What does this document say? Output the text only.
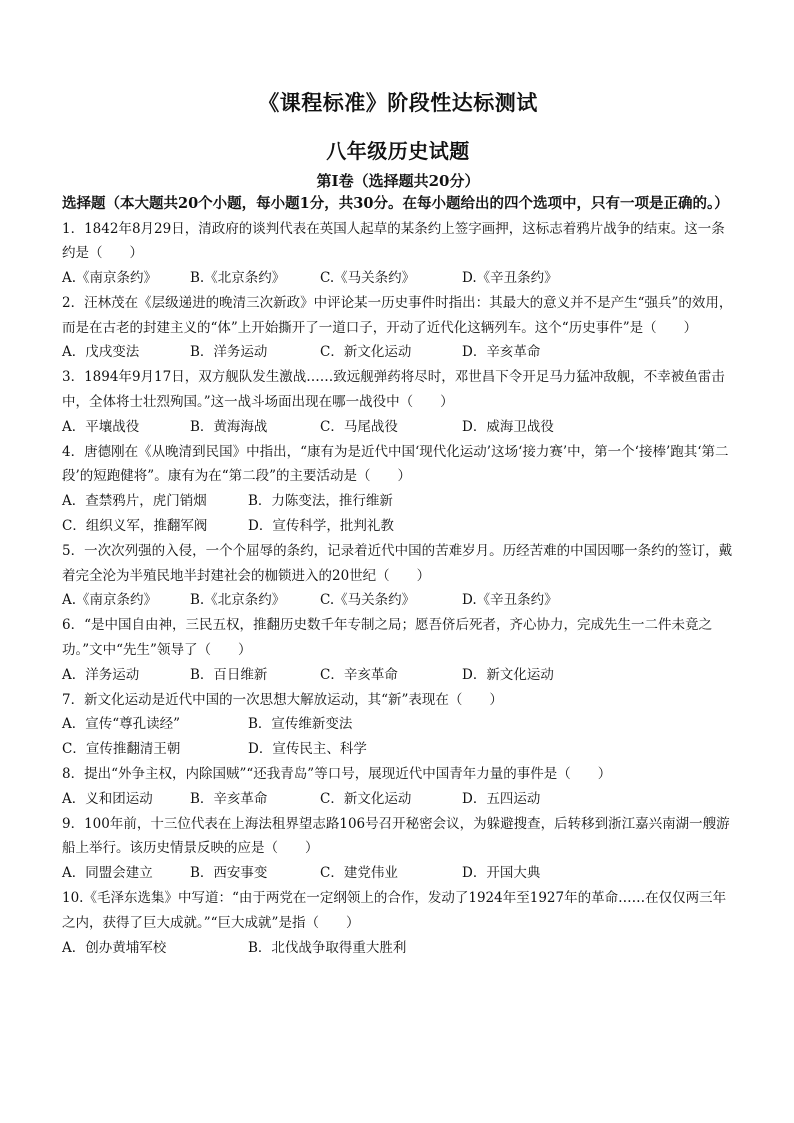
《课程标准》阶段性达标测试
八年级历史试题
第Ⅰ卷（选择题共20分）

选择题（本大题共20个小题，每小题1分，共30分。在每小题给出的四个选项中，只有一项是正确的。）

1．1842年8月29日，清政府的谈判代表在英国人起草的某条约上签字画押，这标志着鸦片战争的结束。这一条约是（　　）

A.《南京条约》	B.《北京条约》	C.《马关条约》	D.《辛丑条约》

2．汪林茂在《层级递进的晚清三次新政》中评论某一历史事件时指出：其最大的意义并不是产生“强兵”的效用，而是在古老的封建主义的“体”上开始撕开了一道口子，开动了近代化这辆列车。这个“历史事件”是（　　）

A．戊戌变法	B．洋务运动	C．新文化运动	D．辛亥革命

3．1894年9月17日，双方舰队发生激战……致远舰弹药将尽时，邓世昌下令开足马力猛冲敌舰，不幸被鱼雷击中，全体将士壮烈殉国。”这一战斗场面出现在哪一战役中（　　）

A．平壤战役	B．黄海海战	C．马尾战役	D．威海卫战役

4．唐德刚在《从晚清到民国》中指出，“康有为是近代中国‘现代化运动’这场‘接力赛’中，第一个‘接棒’跑其‘第二段’的短跑健将”。康有为在“第二段”的主要活动是（　　）

A．查禁鸦片，虎门销烟	B．力陈变法，推行维新
C．组织义军，推翻军阀	D．宣传科学，批判礼教

5．一次次列强的入侵，一个个屈辱的条约，记录着近代中国的苦难岁月。历经苦难的中国因哪一条约的签订，戴着完全沦为半殖民地半封建社会的枷锁进入的20世纪（　　）

A.《南京条约》	B.《北京条约》	C.《马关条约》	D.《辛丑条约》

6．“是中国自由神，三民五权，推翻历史数千年专制之局；愿吾侪后死者，齐心协力，完成先生一二件未竟之功。”文中“先生”领导了（　　）

A．洋务运动	B．百日维新	C．辛亥革命	D．新文化运动

7．新文化运动是近代中国的一次思想大解放运动，其“新”表现在（　　）

A．宣传“尊孔读经”	B．宣传维新变法
C．宣传推翻清王朝	D．宣传民主、科学

8．提出“外争主权，内除国贼”“还我青岛”等口号，展现近代中国青年力量的事件是（　　）

A．义和团运动	B．辛亥革命	C．新文化运动	D．五四运动

9．100年前，十三位代表在上海法租界望志路106号召开秘密会议，为躲避搜查，后转移到浙江嘉兴南湖一艘游船上举行。该历史情景反映的应是（　　）

A．同盟会建立	B．西安事变	C．建党伟业	D．开国大典

10.《毛泽东选集》中写道：“由于两党在一定纲领上的合作，发动了1924年至1927年的革命……在仅仅两三年之内，获得了巨大成就。”“巨大成就”是指（　　）

A．创办黄埔军校	B．北伐战争取得重大胜利
